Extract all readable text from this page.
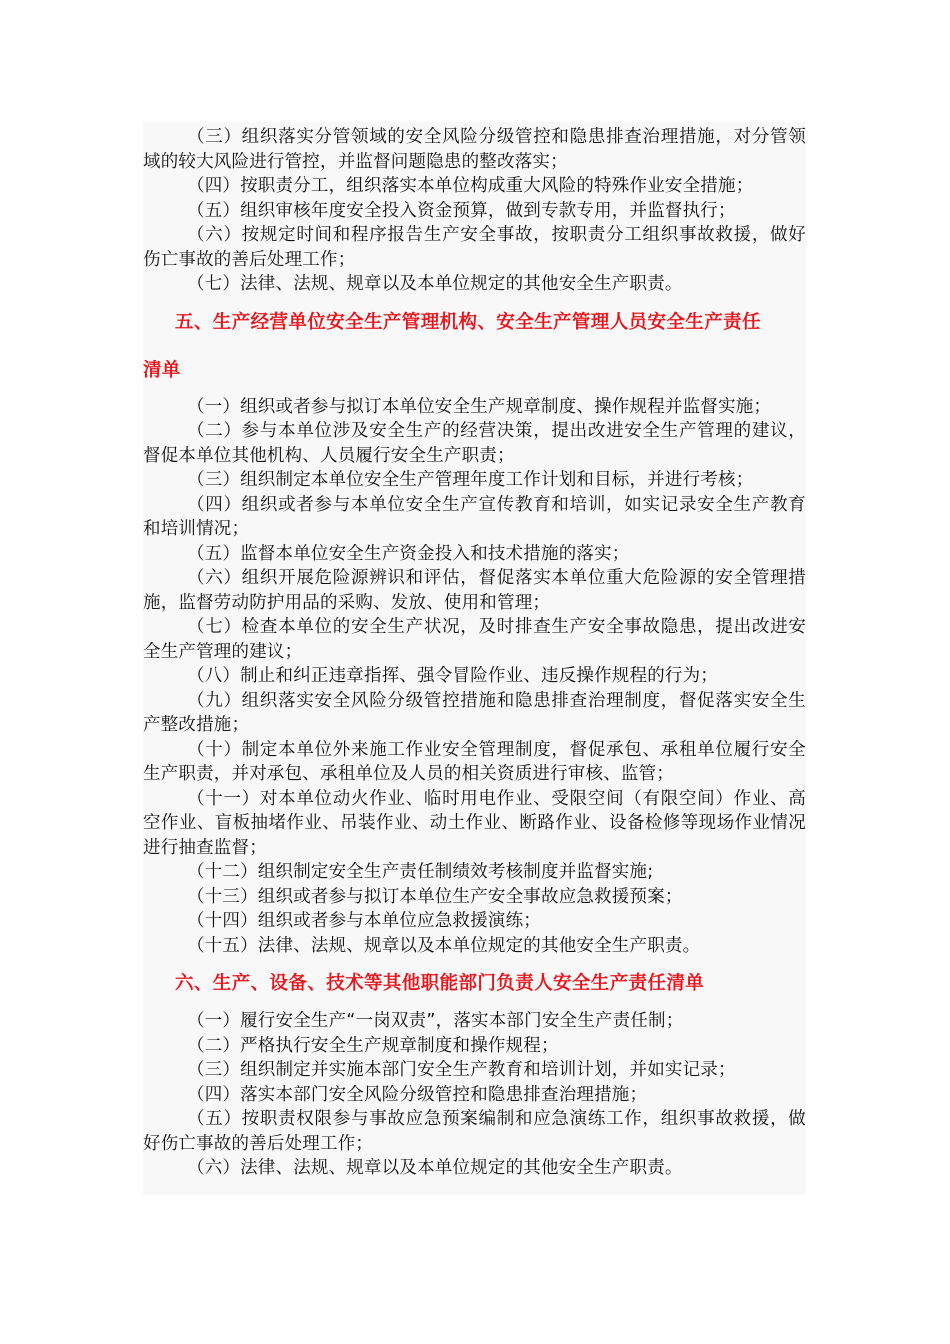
（三）组织落实分管领域的安全风险分级管控和隐患排查治理措施，对分管领域的较大风险进行管控，并监督问题隐患的整改落实；

（四）按职责分工，组织落实本单位构成重大风险的特殊作业安全措施；

（五）组织审核年度安全投入资金预算，做到专款专用，并监督执行；

（六）按规定时间和程序报告生产安全事故，按职责分工组织事故救援，做好伤亡事故的善后处理工作；

（七）法律、法规、规章以及本单位规定的其他安全生产职责。

五、生产经营单位安全生产管理机构、安全生产管理人员安全生产责任

清单

（一）组织或者参与拟订本单位安全生产规章制度、操作规程并监督实施；

（二）参与本单位涉及安全生产的经营决策，提出改进安全生产管理的建议，督促本单位其他机构、人员履行安全生产职责；

（三）组织制定本单位安全生产管理年度工作计划和目标，并进行考核；

（四）组织或者参与本单位安全生产宣传教育和培训，如实记录安全生产教育和培训情况；

（五）监督本单位安全生产资金投入和技术措施的落实；

（六）组织开展危险源辨识和评估，督促落实本单位重大危险源的安全管理措施，监督劳动防护用品的采购、发放、使用和管理；

（七）检查本单位的安全生产状况，及时排查生产安全事故隐患，提出改进安全生产管理的建议；

（八）制止和纠正违章指挥、强令冒险作业、违反操作规程的行为；

（九）组织落实安全风险分级管控措施和隐患排查治理制度，督促落实安全生产整改措施；

（十）制定本单位外来施工作业安全管理制度，督促承包、承租单位履行安全生产职责，并对承包、承租单位及人员的相关资质进行审核、监管；

（十一）对本单位动火作业、临时用电作业、受限空间（有限空间）作业、高空作业、盲板抽堵作业、吊装作业、动土作业、断路作业、设备检修等现场作业情况进行抽查监督；

（十二）组织制定安全生产责任制绩效考核制度并监督实施;

（十三）组织或者参与拟订本单位生产安全事故应急救援预案；

（十四）组织或者参与本单位应急救援演练；

（十五）法律、法规、规章以及本单位规定的其他安全生产职责。

六、生产、设备、技术等其他职能部门负责人安全生产责任清单

（一）履行安全生产“一岗双责”，落实本部门安全生产责任制；

（二）严格执行安全生产规章制度和操作规程；

（三）组织制定并实施本部门安全生产教育和培训计划，并如实记录；

（四）落实本部门安全风险分级管控和隐患排查治理措施；

（五）按职责权限参与事故应急预案编制和应急演练工作，组织事故救援，做好伤亡事故的善后处理工作；

（六）法律、法规、规章以及本单位规定的其他安全生产职责。
